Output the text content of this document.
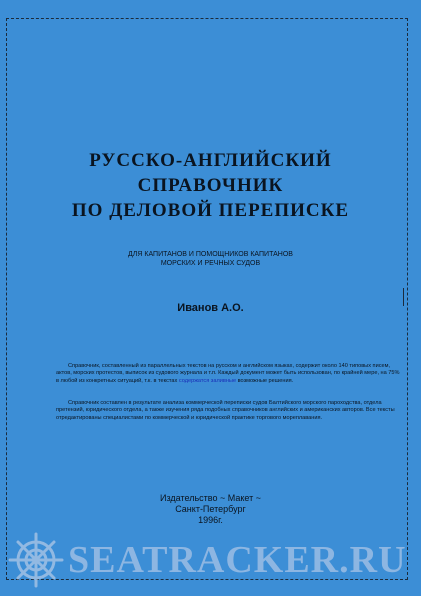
РУССКО-АНГЛИЙСКИЙ
СПРАВОЧНИК
ПО ДЕЛОВОЙ ПЕРЕПИСКЕ
ДЛЯ КАПИТАНОВ И ПОМОЩНИКОВ КАПИТАНОВ
МОРСКИХ И РЕЧНЫХ СУДОВ
Иванов А.О.
Справочник, составленный из параллельных текстов на русском и английском языках, содержит около 140 типовых писем, актов, морских протестов, выписок из судового журнала и т.п. Каждый документ может быть использован, по крайней мере, на 75% в любой из конкретных ситуаций, т.к. в текстах содержатся заливные возможные решения.
Справочник составлен в результате анализа коммерческой переписки судов Балтийского морского пароходства, отдела претензий, юридического отдела, а также изучения ряда подобных справочников английских и американских авторов. Все тексты отредактированы специалистами по коммерческой и юридической практике торгового мореплавания.
Издательство ~ Макет ~
Санкт-Петербург
1996г.
SEATRACKER.RU
